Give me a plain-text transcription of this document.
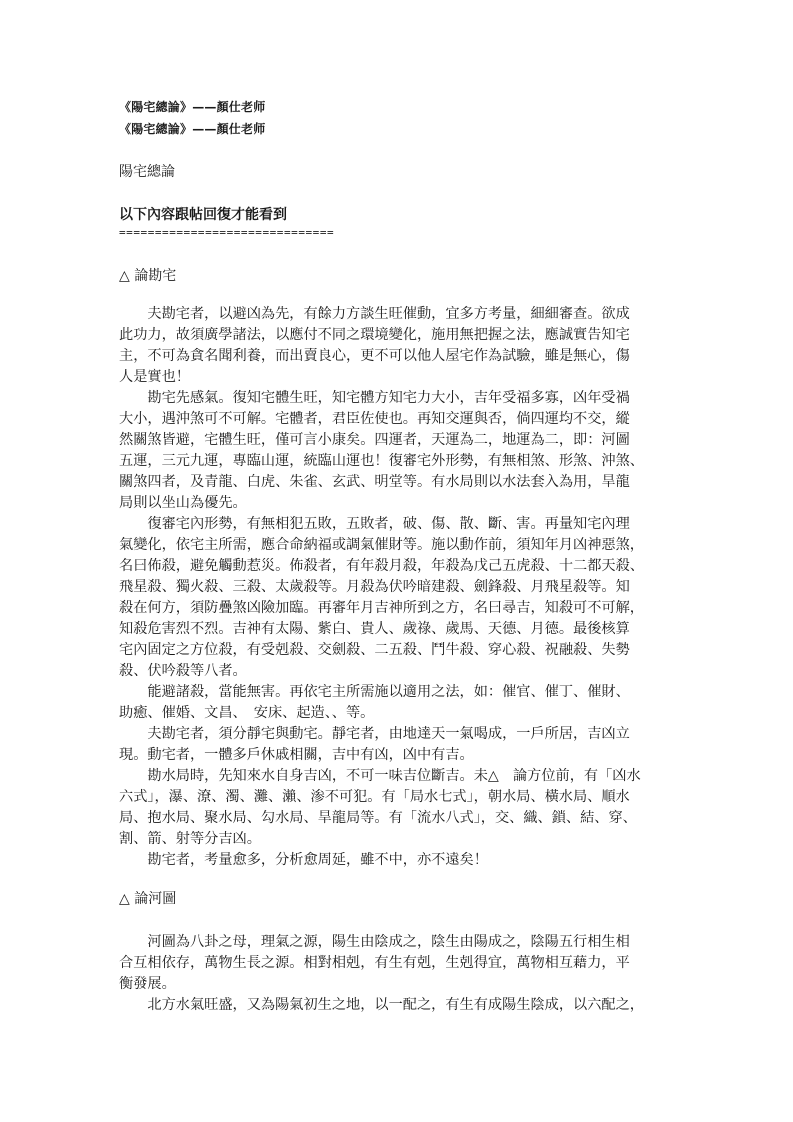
《陽宅總論》——顏仕老师
《陽宅總論》——顏仕老师
陽宅總論
以下內容跟帖回復才能看到
==============================
△ 論勘宅
　　夫勘宅者，以避凶為先，有餘力方談生旺催動，宜多方考量，細細審查。欲成
此功力，故須廣學諸法，以應付不同之環境變化，施用無把握之法，應誠實告知宅
主，不可為貪名聞利養，而出賣良心，更不可以他人屋宅作為試驗，雖是無心，傷
人是實也！
　　勘宅先感氣。復知宅體生旺，知宅體方知宅力大小，吉年受福多寡，凶年受禍
大小，遇沖煞可不可解。宅體者，君臣佐使也。再知交運與否，倘四運均不交，縱
然關煞皆避，宅體生旺，僅可言小康矣。四運者，天運為二，地運為二，即：河圖
五運，三元九運，專臨山運，統臨山運也！復審宅外形勢，有無相煞、形煞、沖煞、
關煞四者，及青龍、白虎、朱雀、玄武、明堂等。有水局則以水法套入為用，旱龍
局則以坐山為優先。
　　復審宅內形勢，有無相犯五敗，五敗者，破、傷、散、斷、害。再量知宅內理
氣變化，依宅主所需，應合命納福或調氣催財等。施以動作前，須知年月凶神惡煞，
名曰佈殺，避免觸動惹災。佈殺者，有年殺月殺，年殺為戊己五虎殺、十二都天殺、
飛星殺、獨火殺、三殺、太歲殺等。月殺為伏吟暗建殺、劍鋒殺、月飛星殺等。知
殺在何方，須防疊煞凶險加臨。再審年月吉神所到之方，名曰尋吉，知殺可不可解，
知殺危害烈不烈。吉神有太陽、紫白、貴人、歲祿、歲馬、天德、月德。最後核算
宅內固定之方位殺，有受剋殺、交劍殺、二五殺、鬥牛殺、穿心殺、祝融殺、失勢
殺、伏吟殺等八者。
　　能避諸殺，當能無害。再依宅主所需施以適用之法，如：催官、催丁、催財、
助癒、催婚、文昌、　安床、起造、、等。
　　夫勘宅者，須分靜宅與動宅。靜宅者，由地達天一氣喝成，一戶所居，吉凶立
現。動宅者，一體多戶休戚相關，吉中有凶，凶中有吉。
　　勘水局時，先知來水自身吉凶，不可一味吉位斷吉。未△　論方位前，有「凶水
六式」，瀑、潦、濁、灘、瀨、渗不可犯。有「局水七式」，朝水局、橫水局、順水
局、抱水局、聚水局、勾水局、旱龍局等。有「流水八式」，交、織、鎖、結、穿、
割、箭、射等分吉凶。
　　勘宅者，考量愈多，分析愈周延，雖不中，亦不遠矣！
△ 論河圖
　　河圖為八卦之母，理氣之源，陽生由陰成之，陰生由陽成之，陰陽五行相生相
合互相依存，萬物生長之源。相對相剋，有生有剋，生剋得宜，萬物相互藉力，平
衡發展。
　　北方水氣旺盛，又為陽氣初生之地，以一配之，有生有成陽生陰成，以六配之，
